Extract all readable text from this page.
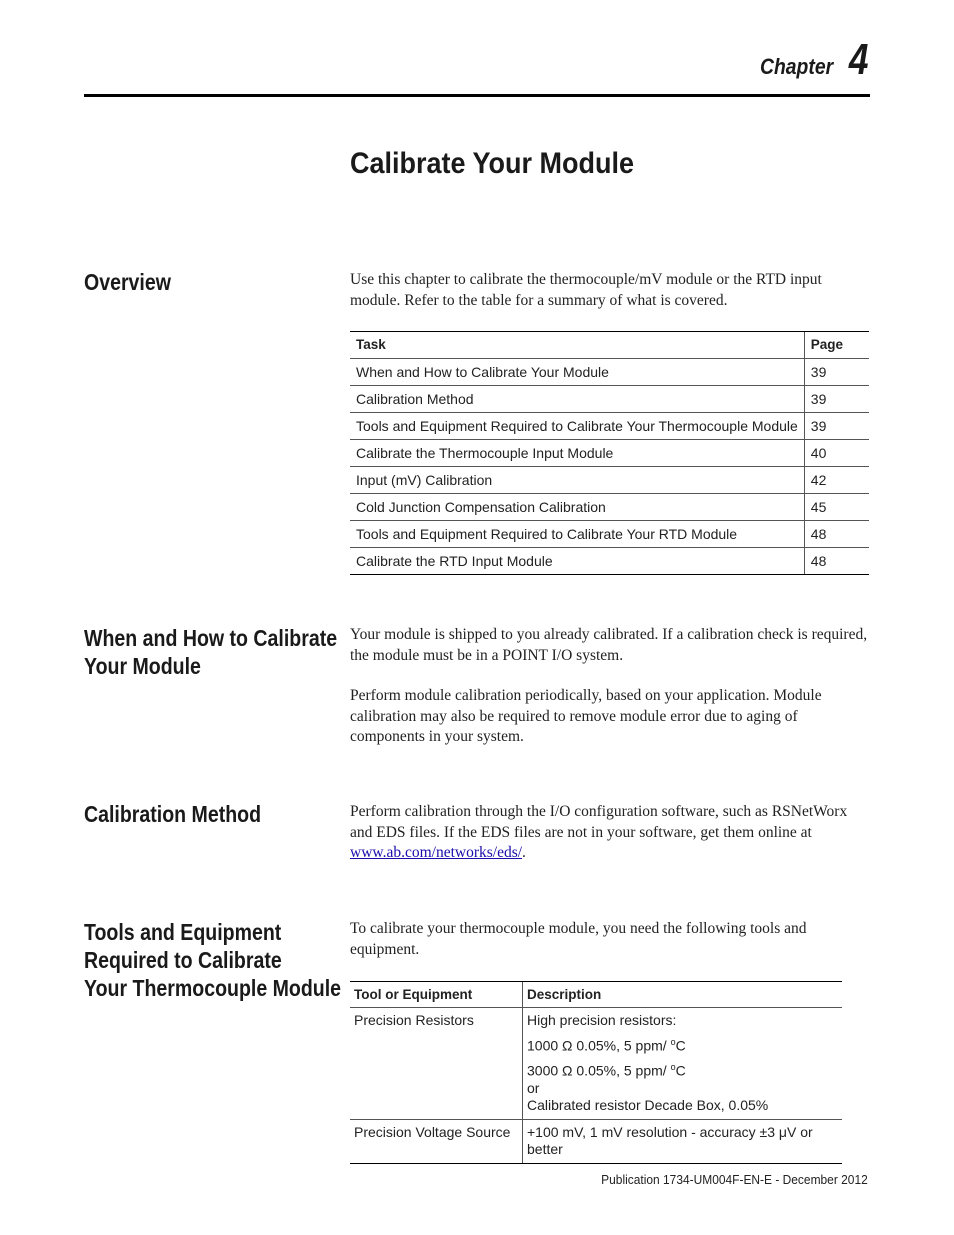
Chapter 4
Calibrate Your Module
Overview	Use this chapter to calibrate the thermocouple/mV module or the RTD input module. Refer to the table for a summary of what is covered.

Task	Page
When and How to Calibrate Your Module	39
Calibration Method	39
Tools and Equipment Required to Calibrate Your Thermocouple Module	39
Calibrate the Thermocouple Input Module	40
Input (mV) Calibration	42
Cold Junction Compensation Calibration	45
Tools and Equipment Required to Calibrate Your RTD Module	48
Calibrate the RTD Input Module	48
When and How to Calibrate
Your Module

Your module is shipped to you already calibrated. If a calibration check is required, the module must be in a POINT I/O system.

Perform module calibration periodically, based on your application. Module calibration may also be required to remove module error due to aging of components in your system.

Calibration Method	Perform calibration through the I/O configuration software, such as RSNetWorx and EDS files. If the EDS files are not in your software, get them online at www.ab.com/networks/eds/.

Tools and Equipment
Required to Calibrate
Your Thermocouple Module

To calibrate your thermocouple module, you need the following tools and equipment.

Tool or Equipment	Description
Precision Resistors	High precision resistors:
1000 Ω 0.05%, 5 ppm/ $^o$C
3000 Ω 0.05%, 5 ppm/ $^o$C
or
Calibrated resistor Decade Box, 0.05%

Precision Voltage Source	+100 mV, 1 mV resolution - accuracy ±3 μV or better
Publication 1734-UM004F-EN-E - December 2012
